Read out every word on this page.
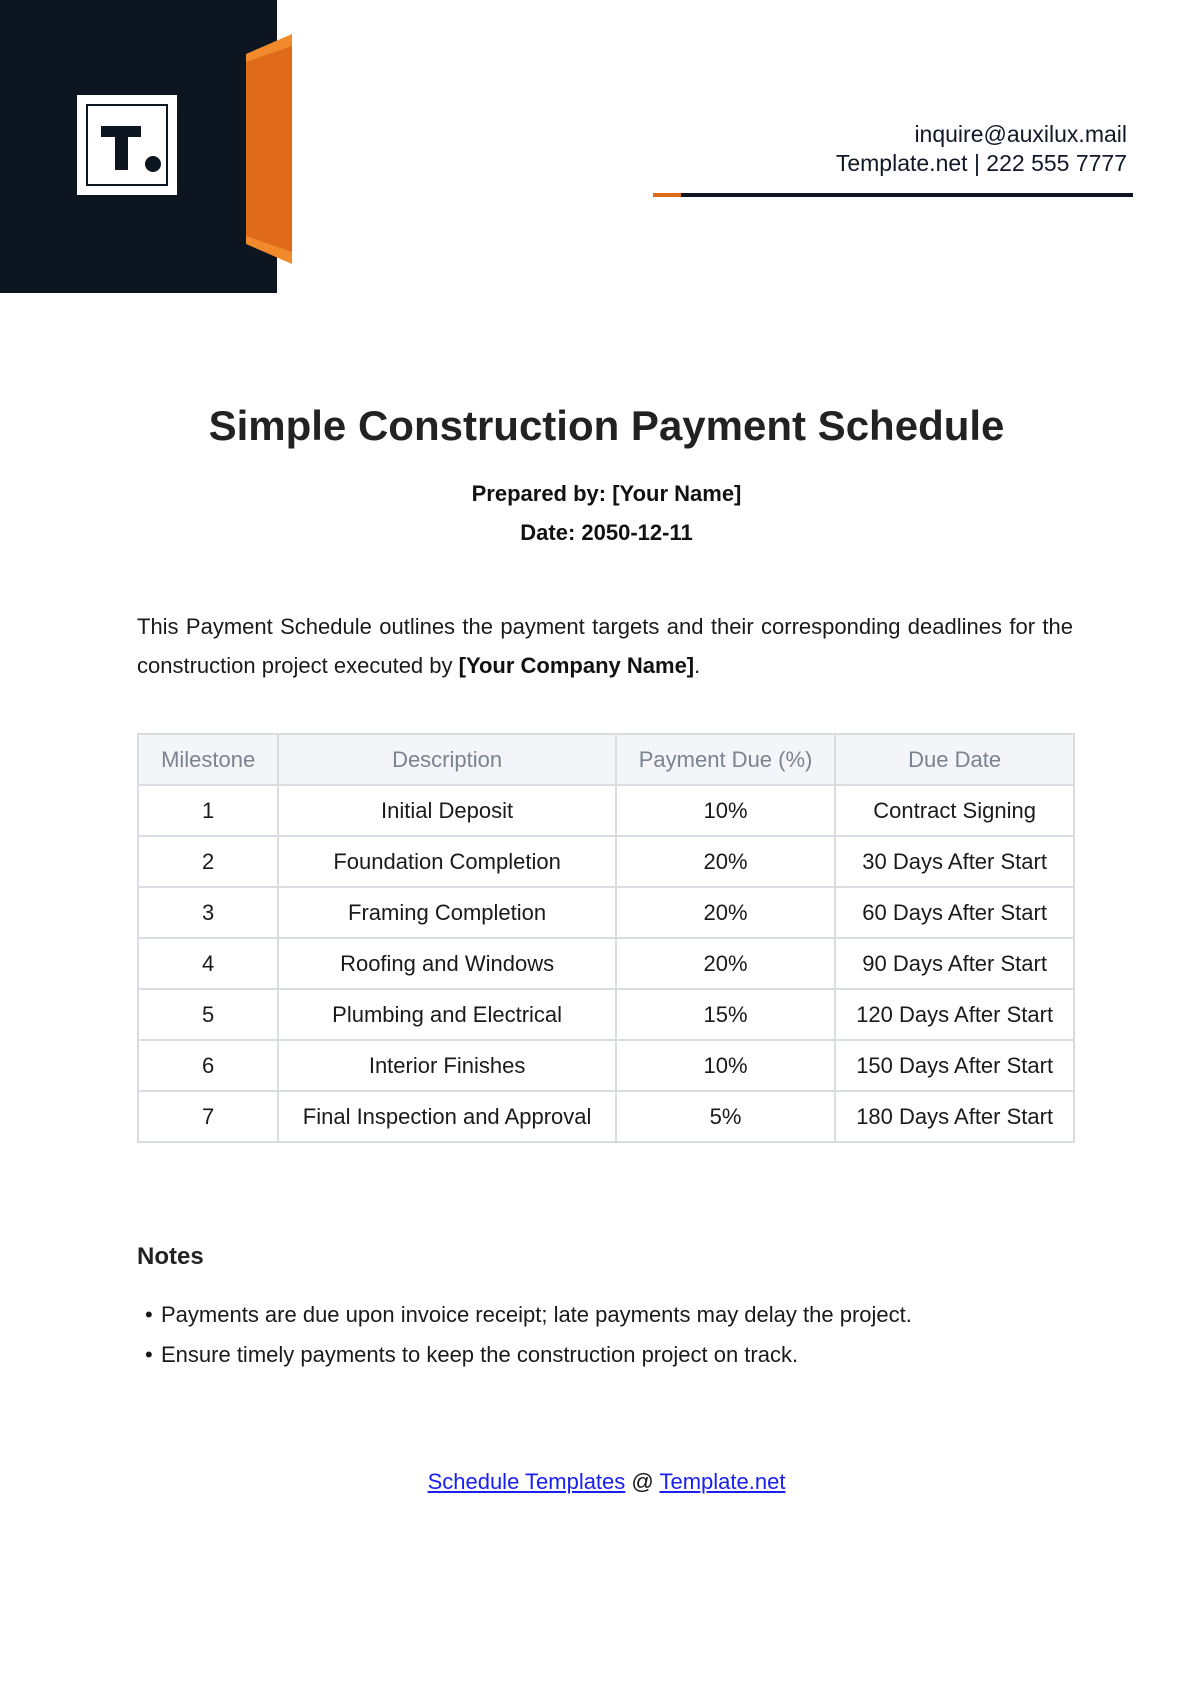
inquire@auxilux.mail
Template.net | 222 555 7777
Simple Construction Payment Schedule
Prepared by: [Your Name]
Date: 2050-12-11

This Payment Schedule outlines the payment targets and their corresponding deadlines for the construction project executed by [Your Company Name].

Milestone	Description	Payment Due (%)	Due Date
1	Initial Deposit	10%	Contract Signing
2	Foundation Completion	20%	30 Days After Start
3	Framing Completion	20%	60 Days After Start
4	Roofing and Windows	20%	90 Days After Start
5	Plumbing and Electrical	15%	120 Days After Start
6	Interior Finishes	10%	150 Days After Start
7	Final Inspection and Approval	5%	180 Days After Start
Notes
• Payments are due upon invoice receipt; late payments may delay the project.
• Ensure timely payments to keep the construction project on track.
Schedule Templates @ Template.net
